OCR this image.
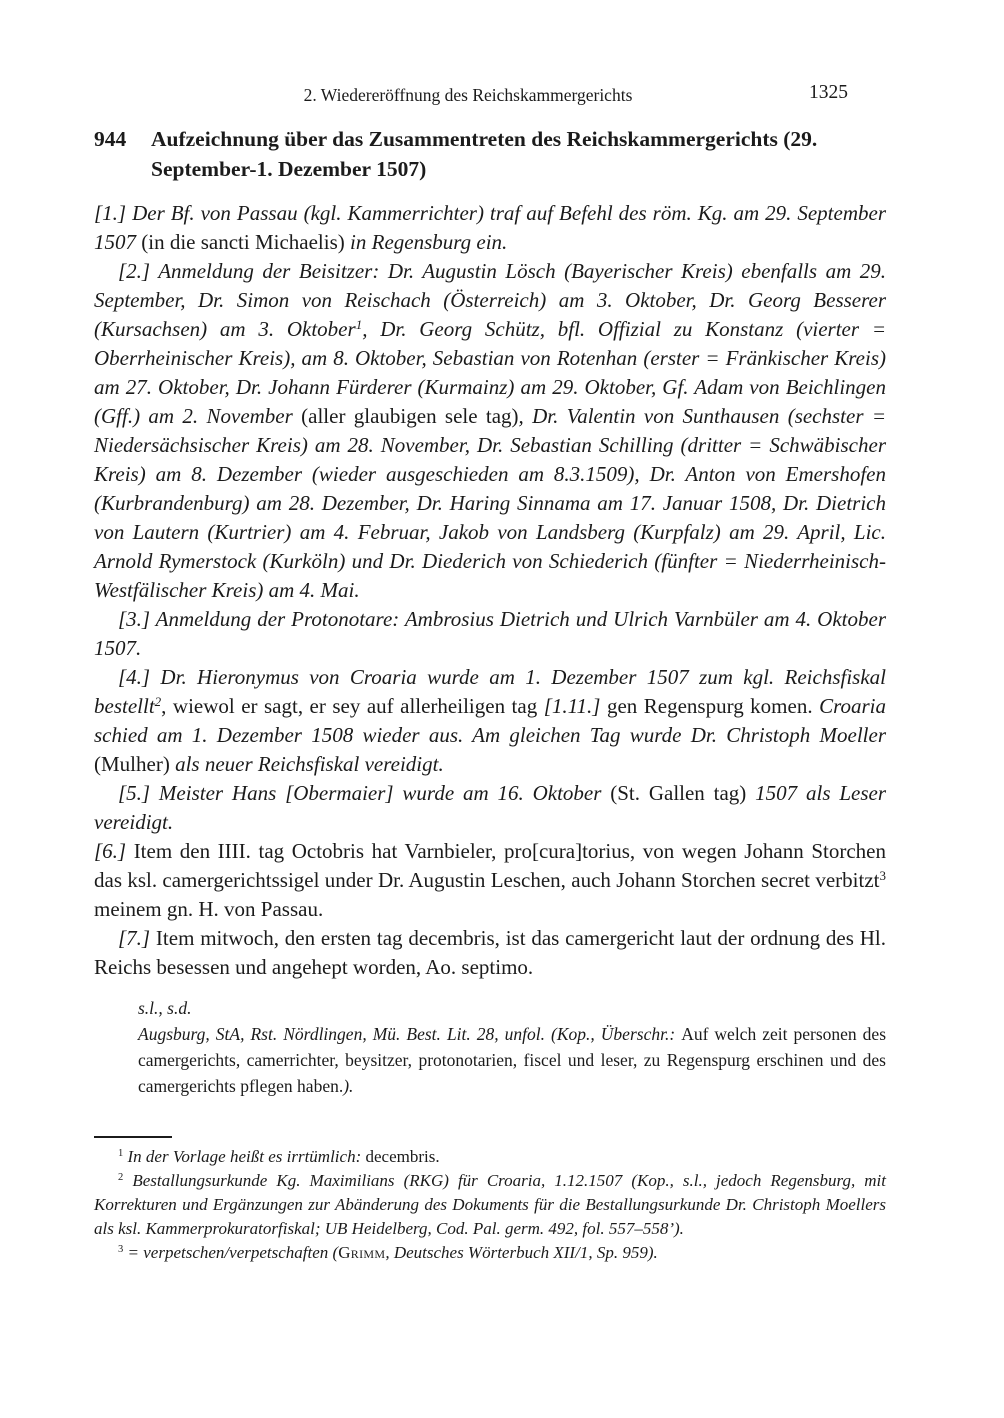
2. Wiedereröffnung des Reichskammergerichts	1325
944	Aufzeichnung über das Zusammentreten des Reichskammergerichts (29. September-1. Dezember 1507)

[1.] Der Bf. von Passau (kgl. Kammerrichter) traf auf Befehl des röm. Kg. am 29. September 1507 (in die sancti Michaelis) in Regensburg ein.

[2.] Anmeldung der Beisitzer: Dr. Augustin Lösch (Bayerischer Kreis) ebenfalls am 29. September, Dr. Simon von Reischach (Österreich) am 3. Oktober, Dr. Georg Besserer (Kursachsen) am 3. Oktober$^1$, Dr. Georg Schütz, bfl. Offizial zu Konstanz (vierter = Oberrheinischer Kreis), am 8. Oktober, Sebastian von Rotenhan (erster = Fränkischer Kreis) am 27. Oktober, Dr. Johann Fürderer (Kurmainz) am 29. Oktober, Gf. Adam von Beichlingen (Gff.) am 2. November (aller glaubigen sele tag), Dr. Valentin von Sunthausen (sechster = Niedersächsischer Kreis) am 28. November, Dr. Sebastian Schilling (dritter = Schwäbischer Kreis) am 8. Dezember (wieder ausgeschieden am 8.3.1509), Dr. Anton von Emershofen (Kurbrandenburg) am 28. Dezember, Dr. Haring Sinnama am 17. Januar 1508, Dr. Dietrich von Lautern (Kurtrier) am 4. Februar, Jakob von Landsberg (Kurpfalz) am 29. April, Lic. Arnold Rymerstock (Kurköln) und Dr. Diederich von Schiederich (fünfter = Niederrheinisch-Westfälischer Kreis) am 4. Mai.

[3.] Anmeldung der Protonotare: Ambrosius Dietrich und Ulrich Varnbüler am 4. Oktober 1507.

[4.] Dr. Hieronymus von Croaria wurde am 1. Dezember 1507 zum kgl. Reichsfiskal bestellt$^2$, wiewol er sagt, er sey auf allerheiligen tag [1.11.] gen Regenspurg komen. Croaria schied am 1. Dezember 1508 wieder aus. Am gleichen Tag wurde Dr. Christoph Moeller (Mulher) als neuer Reichsfiskal vereidigt.

[5.] Meister Hans [Obermaier] wurde am 16. Oktober (St. Gallen tag) 1507 als Leser vereidigt.

[6.] Item den IIII. tag Octobris hat Varnbieler, pro[cura]torius, von wegen Johann Storchen das ksl. camergerichtssigel under Dr. Augustin Leschen, auch Johann Storchen secret verbitzt$^3$ meinem gn. H. von Passau.

[7.] Item mitwoch, den ersten tag decembris, ist das camergericht laut der ordnung des Hl. Reichs besessen und angehept worden, Ao. septimo.

s.l., s.d.

Augsburg, StA, Rst. Nördlingen, Mü. Best. Lit. 28, unfol. (Kop., Überschr.: Auf welch zeit personen des camergerichts, camerrichter, beysitzer, protonotarien, fiscel und leser, zu Regenspurg erschinen und des camergerichts pflegen haben.).

$^1$ In der Vorlage heißt es irrtümlich: decembris.

$^2$ Bestallungsurkunde Kg. Maximilians (RKG) für Croaria, 1.12.1507 (Kop., s.l., jedoch Regensburg, mit Korrekturen und Ergänzungen zur Abänderung des Dokuments für die Bestallungsurkunde Dr. Christoph Moellers als ksl. Kammerprokuratorfiskal; UB Heidelberg, Cod. Pal. germ. 492, fol. 557–558’).

$^3$ = verpetschen/verpetschaften (Grimm, Deutsches Wörterbuch XII/1, Sp. 959).
